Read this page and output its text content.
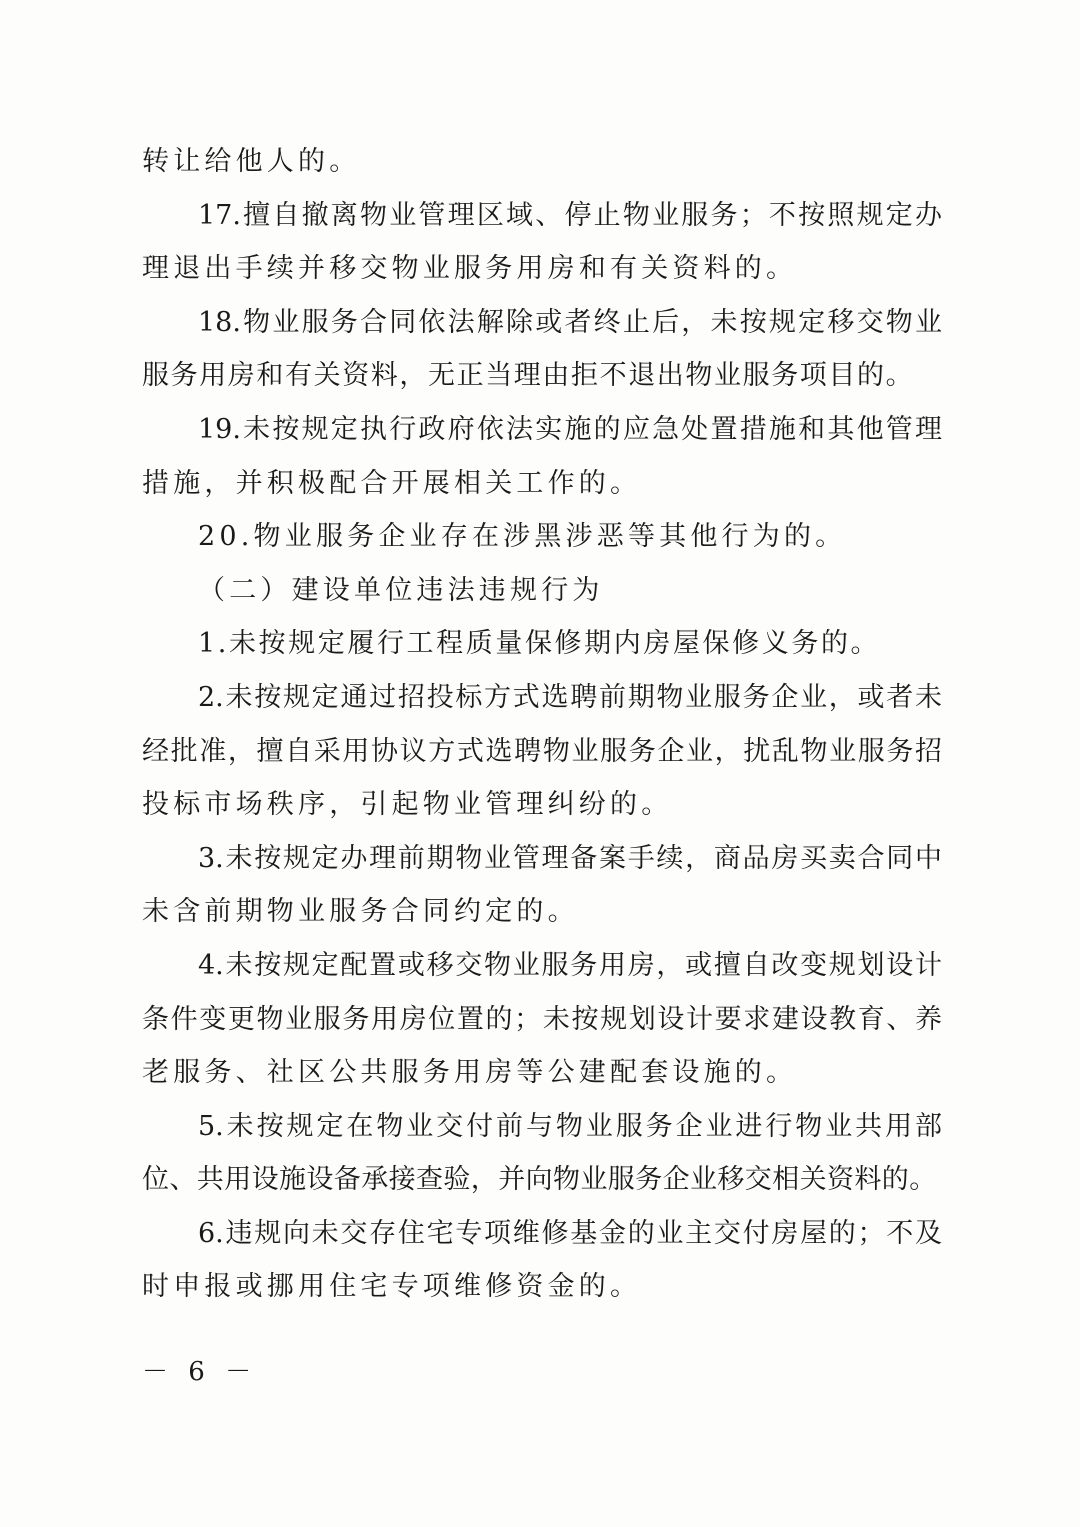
转让给他人的。
17.擅自撤离物业管理区域、停止物业服务；不按照规定办
理退出手续并移交物业服务用房和有关资料的。
18.物业服务合同依法解除或者终止后，未按规定移交物业
服务用房和有关资料，无正当理由拒不退出物业服务项目的。
19.未按规定执行政府依法实施的应急处置措施和其他管理
措施，并积极配合开展相关工作的。
20.物业服务企业存在涉黑涉恶等其他行为的。
（二）建设单位违法违规行为
1.未按规定履行工程质量保修期内房屋保修义务的。
2.未按规定通过招投标方式选聘前期物业服务企业，或者未
经批准，擅自采用协议方式选聘物业服务企业，扰乱物业服务招
投标市场秩序，引起物业管理纠纷的。
3.未按规定办理前期物业管理备案手续，商品房买卖合同中
未含前期物业服务合同约定的。
4.未按规定配置或移交物业服务用房，或擅自改变规划设计
条件变更物业服务用房位置的；未按规划设计要求建设教育、养
老服务、社区公共服务用房等公建配套设施的。
5.未按规定在物业交付前与物业服务企业进行物业共用部
位、共用设施设备承接查验，并向物业服务企业移交相关资料的。
6.违规向未交存住宅专项维修基金的业主交付房屋的；不及
时申报或挪用住宅专项维修资金的。
－ 6 －
